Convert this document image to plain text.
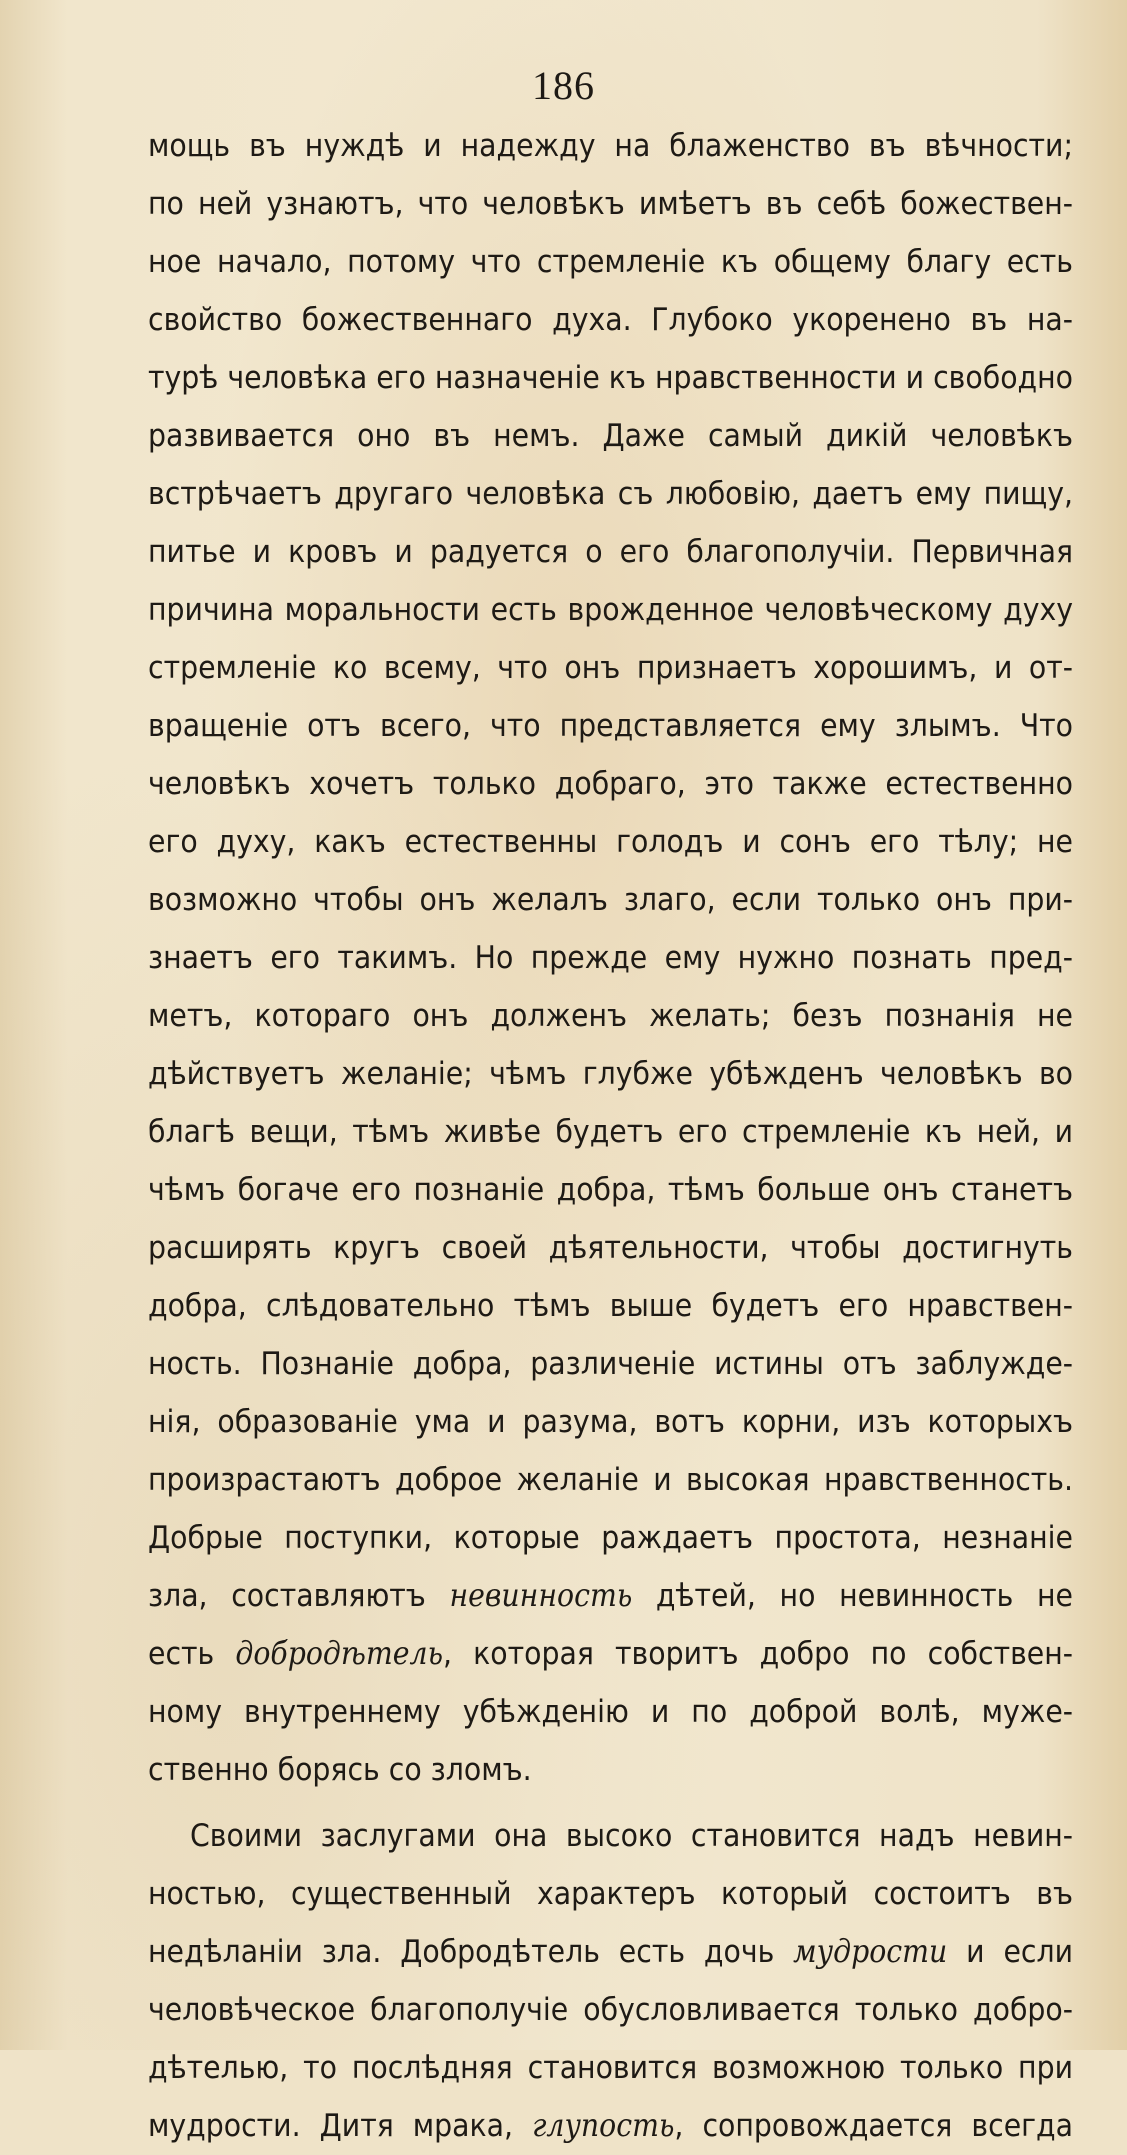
186
мощь въ нуждѣ и надежду на блаженство въ вѣчности;
по ней узнаютъ, что человѣкъ имѣетъ въ себѣ божествен-
ное начало, потому что стремленіе къ общему благу есть
свойство божественнаго духа. Глубоко укоренено въ на-
турѣ человѣка его назначеніе къ нравственности и свободно
развивается оно въ немъ. Даже самый дикій человѣкъ
встрѣчаетъ другаго человѣка съ любовію, даетъ ему пищу,
питье и кровъ и радуется о его благополучіи. Первичная
причина моральности есть врожденное человѣческому духу
стремленіе ко всему, что онъ признаетъ хорошимъ, и от-
вращеніе отъ всего, что представляется ему злымъ. Что
человѣкъ хочетъ только добраго, это также естественно
его духу, какъ естественны голодъ и сонъ его тѣлу; не
возможно чтобы онъ желалъ злаго, если только онъ при-
знаетъ его такимъ. Но прежде ему нужно познать пред-
метъ, котораго онъ долженъ желать; безъ познанія не
дѣйствуетъ желаніе; чѣмъ глубже убѣжденъ человѣкъ во
благѣ вещи, тѣмъ живѣе будетъ его стремленіе къ ней, и
чѣмъ богаче его познаніе добра, тѣмъ больше онъ станетъ
расширять кругъ своей дѣятельности, чтобы достигнуть
добра, слѣдовательно тѣмъ выше будетъ его нравствен-
ность. Познаніе добра, различеніе истины отъ заблужде-
нія, образованіе ума и разума, вотъ корни, изъ которыхъ
произрастаютъ доброе желаніе и высокая нравственность.
Добрые поступки, которые раждаетъ простота, незнаніе
зла, составляютъ невинность дѣтей, но невинность не
есть добродѣтель, которая творитъ добро по собствен-
ному внутреннему убѣжденію и по доброй волѣ, муже-
ственно борясь со зломъ.
Своими заслугами она высоко становится надъ невин-
ностью, существенный характеръ который состоитъ въ
недѣланіи зла. Добродѣтель есть дочь мудрости и если
человѣческое благополучіе обусловливается только добро-
дѣтелью, то послѣдняя становится возможною только при
мудрости. Дитя мрака, глупость, сопровождается всегда
